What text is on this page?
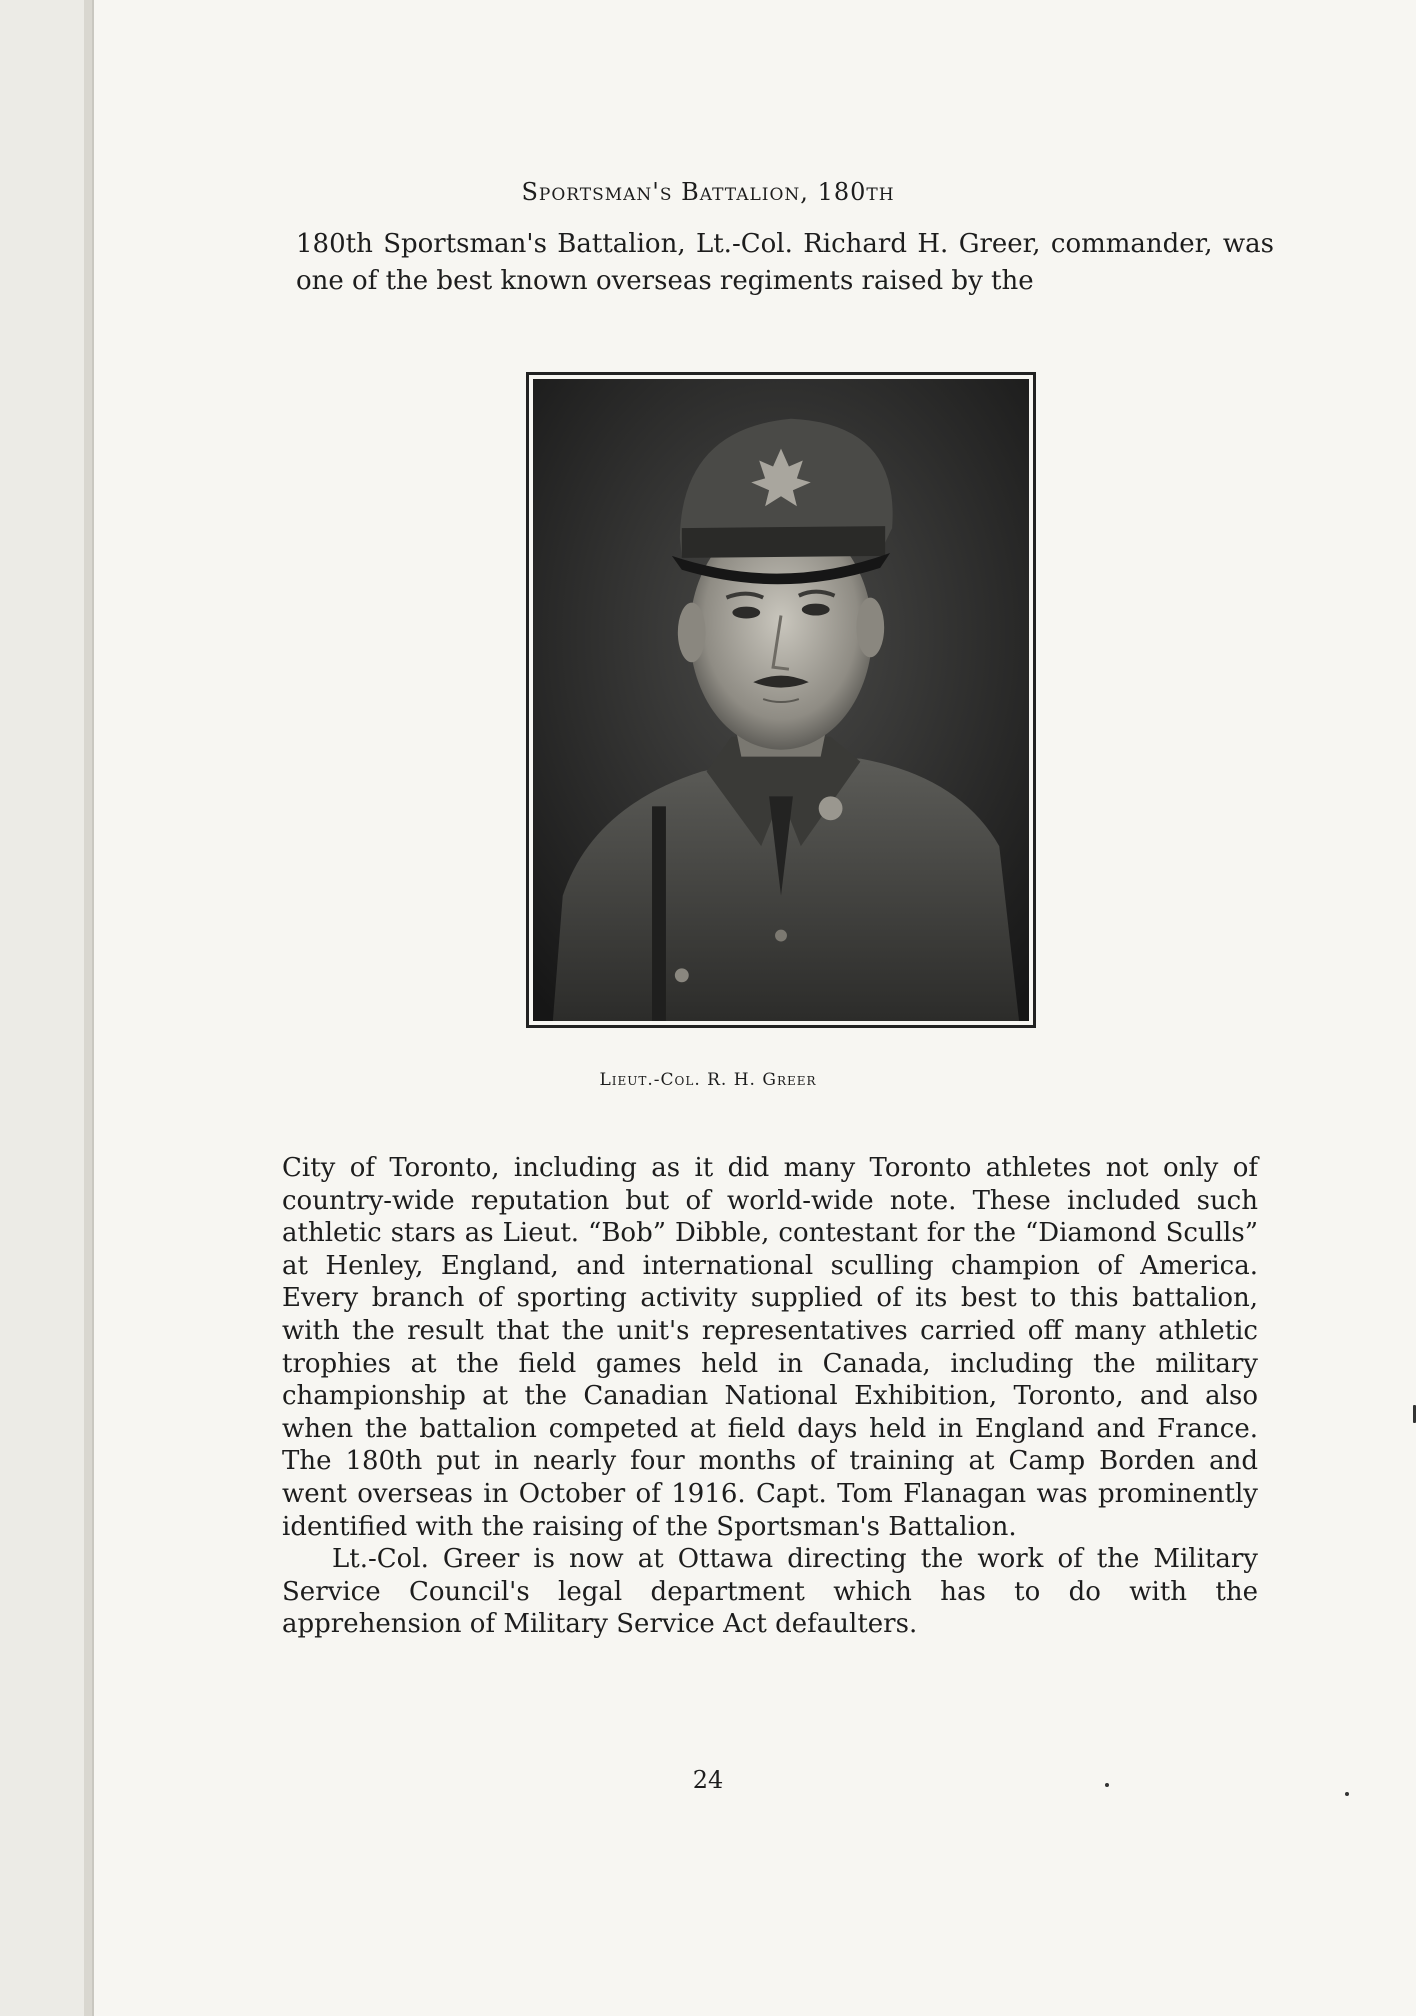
Sportsman's Battalion, 180th

180th Sportsman's Battalion, Lt.-Col. Richard H. Greer, commander, was one of the best known overseas regiments raised by the

Lieut.-Col. R. H. Greer

City of Toronto, including as it did many Toronto athletes not only of country-wide reputation but of world-wide note. These included such athletic stars as Lieut. “Bob” Dibble, contestant for the “Diamond Sculls” at Henley, England, and international sculling champion of America. Every branch of sporting activity supplied of its best to this battalion, with the result that the unit's representatives carried off many athletic trophies at the field games held in Canada, including the military championship at the Canadian National Exhibition, Toronto, and also when the battalion competed at field days held in England and France. The 180th put in nearly four months of training at Camp Borden and went overseas in October of 1916. Capt. Tom Flanagan was prominently identified with the raising of the Sportsman's Battalion.

Lt.-Col. Greer is now at Ottawa directing the work of the Military Service Council's legal department which has to do with the apprehension of Military Service Act defaulters.

24
